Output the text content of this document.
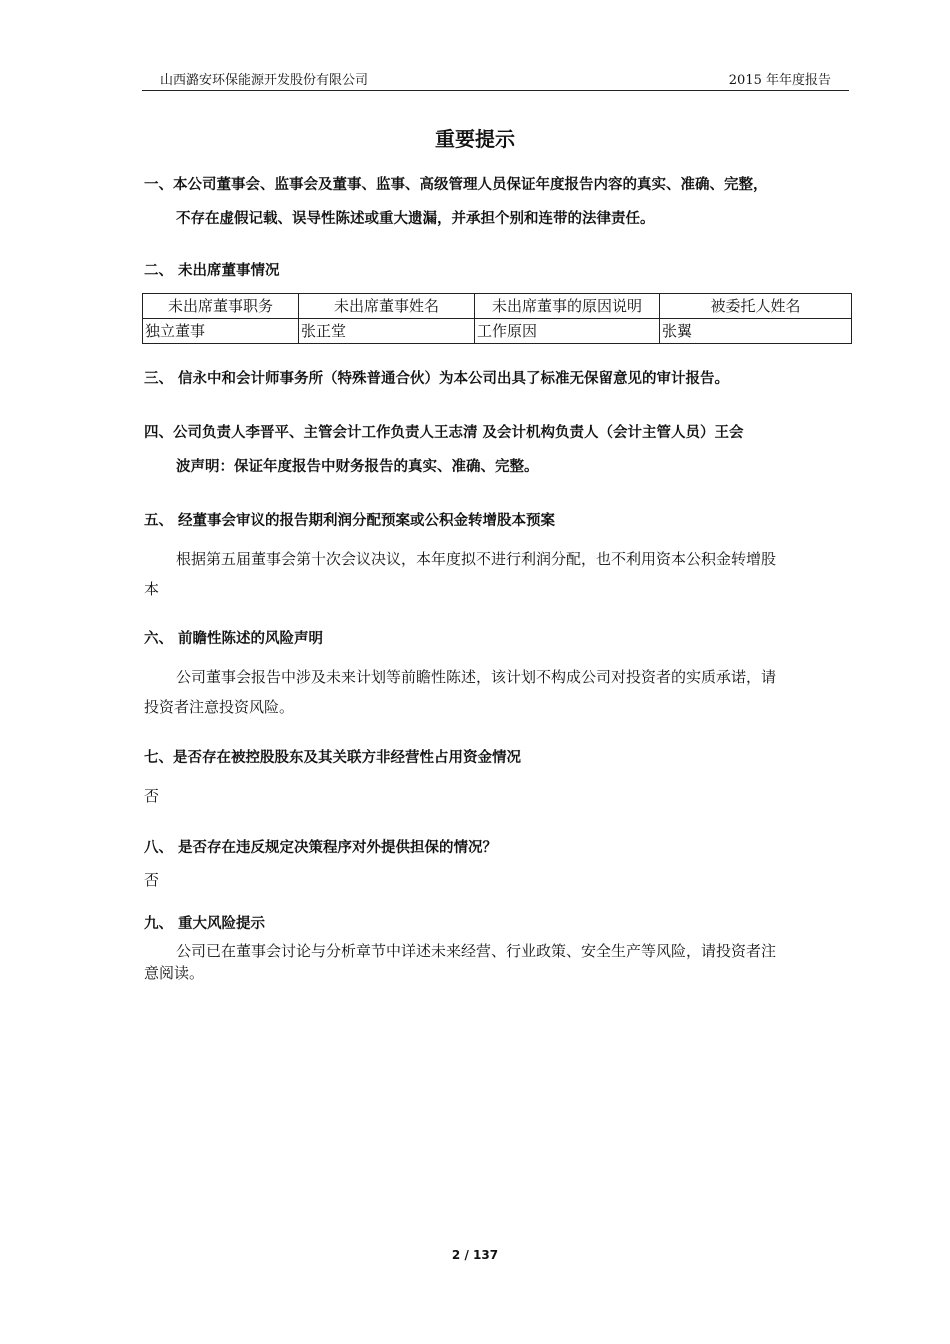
山西潞安环保能源开发股份有限公司	2015 年年度报告
重要提示
一、本公司董事会、监事会及董事、监事、高级管理人员保证年度报告内容的真实、准确、完整，
不存在虚假记载、误导性陈述或重大遗漏，并承担个别和连带的法律责任。
二、 未出席董事情况
未出席董事职务	未出席董事姓名	未出席董事的原因说明	被委托人姓名
独立董事	张正堂	工作原因	张翼
三、 信永中和会计师事务所（特殊普通合伙）为本公司出具了标准无保留意见的审计报告。
四、公司负责人李晋平、主管会计工作负责人王志清 及会计机构负责人（会计主管人员）王会
波声明：保证年度报告中财务报告的真实、准确、完整。
五、 经董事会审议的报告期利润分配预案或公积金转增股本预案
根据第五届董事会第十次会议决议，本年度拟不进行利润分配，也不利用资本公积金转增股
本
六、 前瞻性陈述的风险声明
公司董事会报告中涉及未来计划等前瞻性陈述，该计划不构成公司对投资者的实质承诺，请
投资者注意投资风险。
七、是否存在被控股股东及其关联方非经营性占用资金情况
否
八、 是否存在违反规定决策程序对外提供担保的情况？
否
九、 重大风险提示
公司已在董事会讨论与分析章节中详述未来经营、行业政策、安全生产等风险，请投资者注
意阅读。
2 / 137
